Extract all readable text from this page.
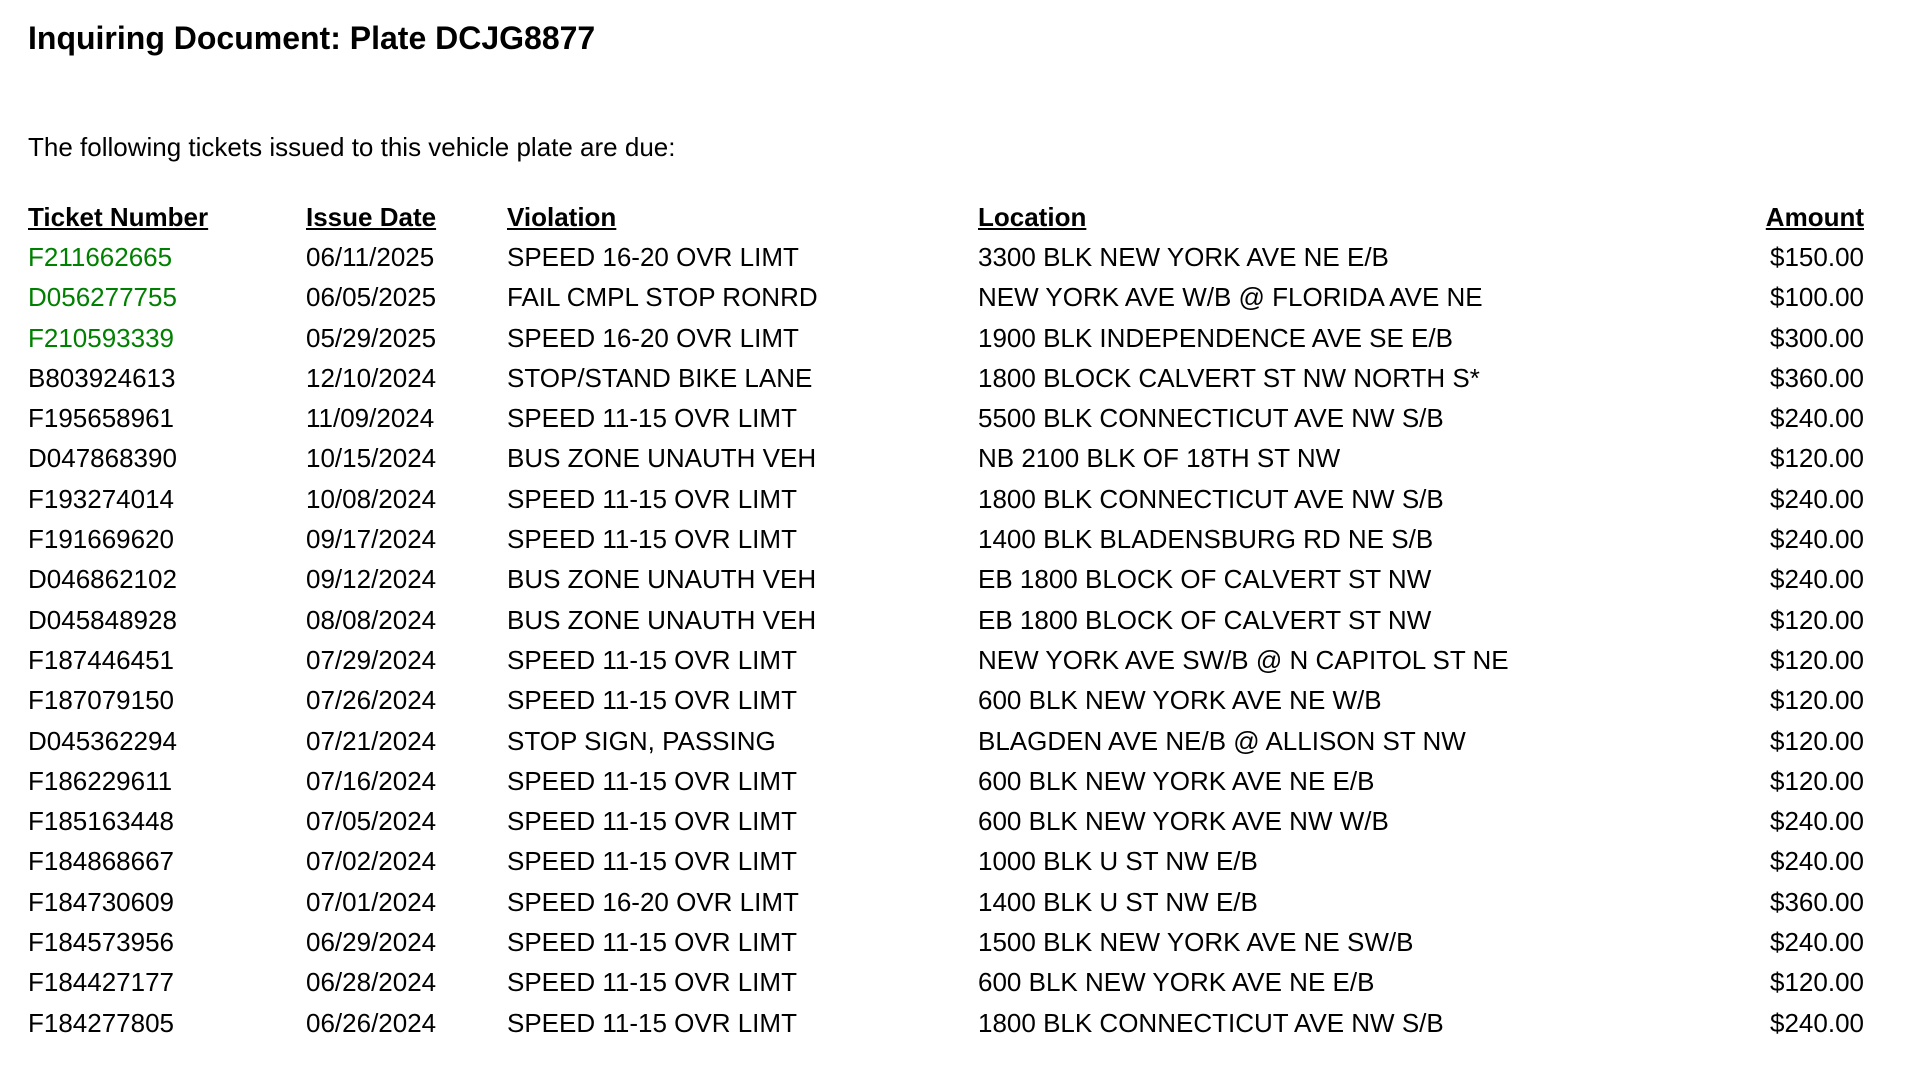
Inquiring Document: Plate DCJG8877
The following tickets issued to this vehicle plate are due:
Ticket Number	Issue Date	Violation	Location	Amount
F211662665	06/11/2025	SPEED 16-20 OVR LIMT	3300 BLK NEW YORK AVE NE E/B	$150.00
D056277755	06/05/2025	FAIL CMPL STOP RONRD	NEW YORK AVE W/B @ FLORIDA AVE NE	$100.00
F210593339	05/29/2025	SPEED 16-20 OVR LIMT	1900 BLK INDEPENDENCE AVE SE E/B	$300.00
B803924613	12/10/2024	STOP/STAND BIKE LANE	1800 BLOCK CALVERT ST NW NORTH S*	$360.00
F195658961	11/09/2024	SPEED 11-15 OVR LIMT	5500 BLK CONNECTICUT AVE NW S/B	$240.00
D047868390	10/15/2024	BUS ZONE UNAUTH VEH	NB 2100 BLK OF 18TH ST NW	$120.00
F193274014	10/08/2024	SPEED 11-15 OVR LIMT	1800 BLK CONNECTICUT AVE NW S/B	$240.00
F191669620	09/17/2024	SPEED 11-15 OVR LIMT	1400 BLK BLADENSBURG RD NE S/B	$240.00
D046862102	09/12/2024	BUS ZONE UNAUTH VEH	EB 1800 BLOCK OF CALVERT ST NW	$240.00
D045848928	08/08/2024	BUS ZONE UNAUTH VEH	EB 1800 BLOCK OF CALVERT ST NW	$120.00
F187446451	07/29/2024	SPEED 11-15 OVR LIMT	NEW YORK AVE SW/B @ N CAPITOL ST NE	$120.00
F187079150	07/26/2024	SPEED 11-15 OVR LIMT	600 BLK NEW YORK AVE NE W/B	$120.00
D045362294	07/21/2024	STOP SIGN, PASSING	BLAGDEN AVE NE/B @ ALLISON ST NW	$120.00
F186229611	07/16/2024	SPEED 11-15 OVR LIMT	600 BLK NEW YORK AVE NE E/B	$120.00
F185163448	07/05/2024	SPEED 11-15 OVR LIMT	600 BLK NEW YORK AVE NW W/B	$240.00
F184868667	07/02/2024	SPEED 11-15 OVR LIMT	1000 BLK U ST NW E/B	$240.00
F184730609	07/01/2024	SPEED 16-20 OVR LIMT	1400 BLK U ST NW E/B	$360.00
F184573956	06/29/2024	SPEED 11-15 OVR LIMT	1500 BLK NEW YORK AVE NE SW/B	$240.00
F184427177	06/28/2024	SPEED 11-15 OVR LIMT	600 BLK NEW YORK AVE NE E/B	$120.00
F184277805	06/26/2024	SPEED 11-15 OVR LIMT	1800 BLK CONNECTICUT AVE NW S/B	$240.00
